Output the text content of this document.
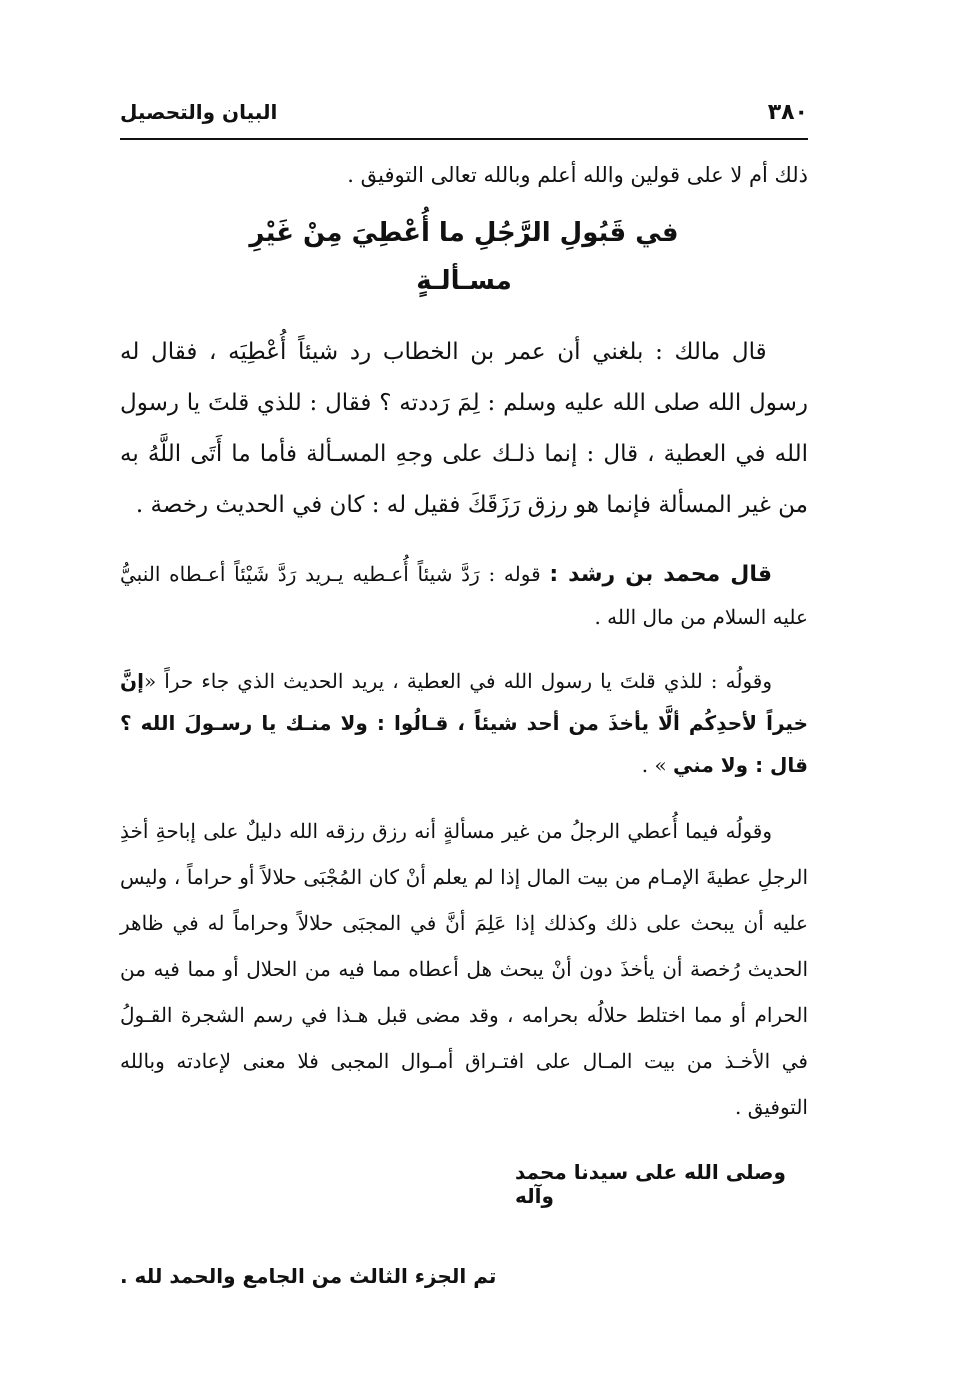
٣٨٠
البيان والتحصيل

ذلك أم لا على قولين والله أعلم وبالله تعالى التوفيق .

في قَبُولِ الرَّجُلِ ما أُعْطِيَ مِنْ غَيْرِ
مسـألـةٍ

قال مالك : بلغني أن عمر بن الخطاب رد شيئاً أُعْطِيَه ، فقال له رسول الله صلى الله عليه وسلم : لِمَ رَددته ؟ فقال : للذي قلتَ يا رسول الله في العطية ، قال : إنما ذلـك على وجهِ المسـألة فأما ما أَتَى اللَّهُ به من غير المسألة فإنما هو رزق رَزَقَكَ فقيل له : كان في الحديث رخصة .

قال محمد بن رشد : قوله : رَدَّ شيئاً أُعـطيه يـريد رَدَّ شَيْئاً أعـطاه النبيُّ عليه السلام من مال الله .

وقولُه : للذي قلتَ يا رسول الله في العطية ، يريد الحديث الذي جاء حراً «إنَّ خيراً لأحدِكُم ألَّا يأخذَ من أحد شيئاً ، قـالُوا : ولا منـك يا رسـولَ الله ؟ قال : ولا مني » .

وقولُه فيما أُعطي الرجلُ من غير مسألةٍ أنه رزق رزقه الله دليلٌ على إباحةِ أخذِ الرجلِ عطيةَ الإمـام من بيت المال إذا لم يعلم أنْ كان المُجْبَى حلالاً أو حراماً ، وليس عليه أن يبحث على ذلك وكذلك إذا عَلِمَ أنَّ في المجبَى حلالاً وحراماً له في ظاهر الحديث رُخصة أن يأخذَ دون أنْ يبحث هل أعطاه مما فيه من الحلال أو مما فيه من الحرام أو مما اختلط حلالُه بحرامه ، وقد مضى قبل هـذا في رسم الشجرة القـولُ في الأخـذ من بيت المـال على افتـراق أمـوال المجبى فلا معنى لإعادته وبالله التوفيق .

وصلى الله على سيدنا محمد وآله

تم الجزء الثالث من الجامع والحمد لله .
